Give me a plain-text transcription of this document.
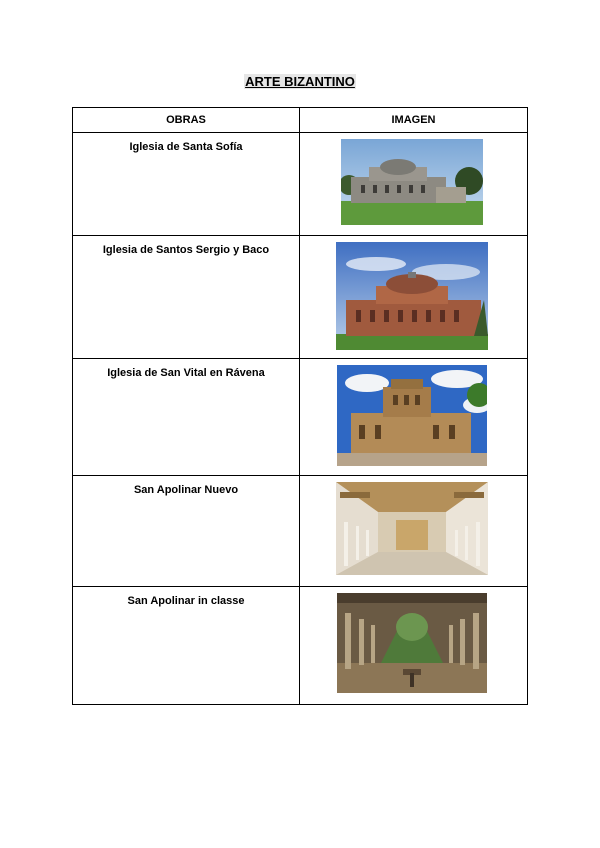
ARTE BIZANTINO
OBRAS	IMAGEN
Iglesia de Santa Sofía	

Iglesia de Santos Sergio y Baco	

Iglesia de San Vital en Rávena	

San Apolinar Nuevo	

San Apolinar in classe	
